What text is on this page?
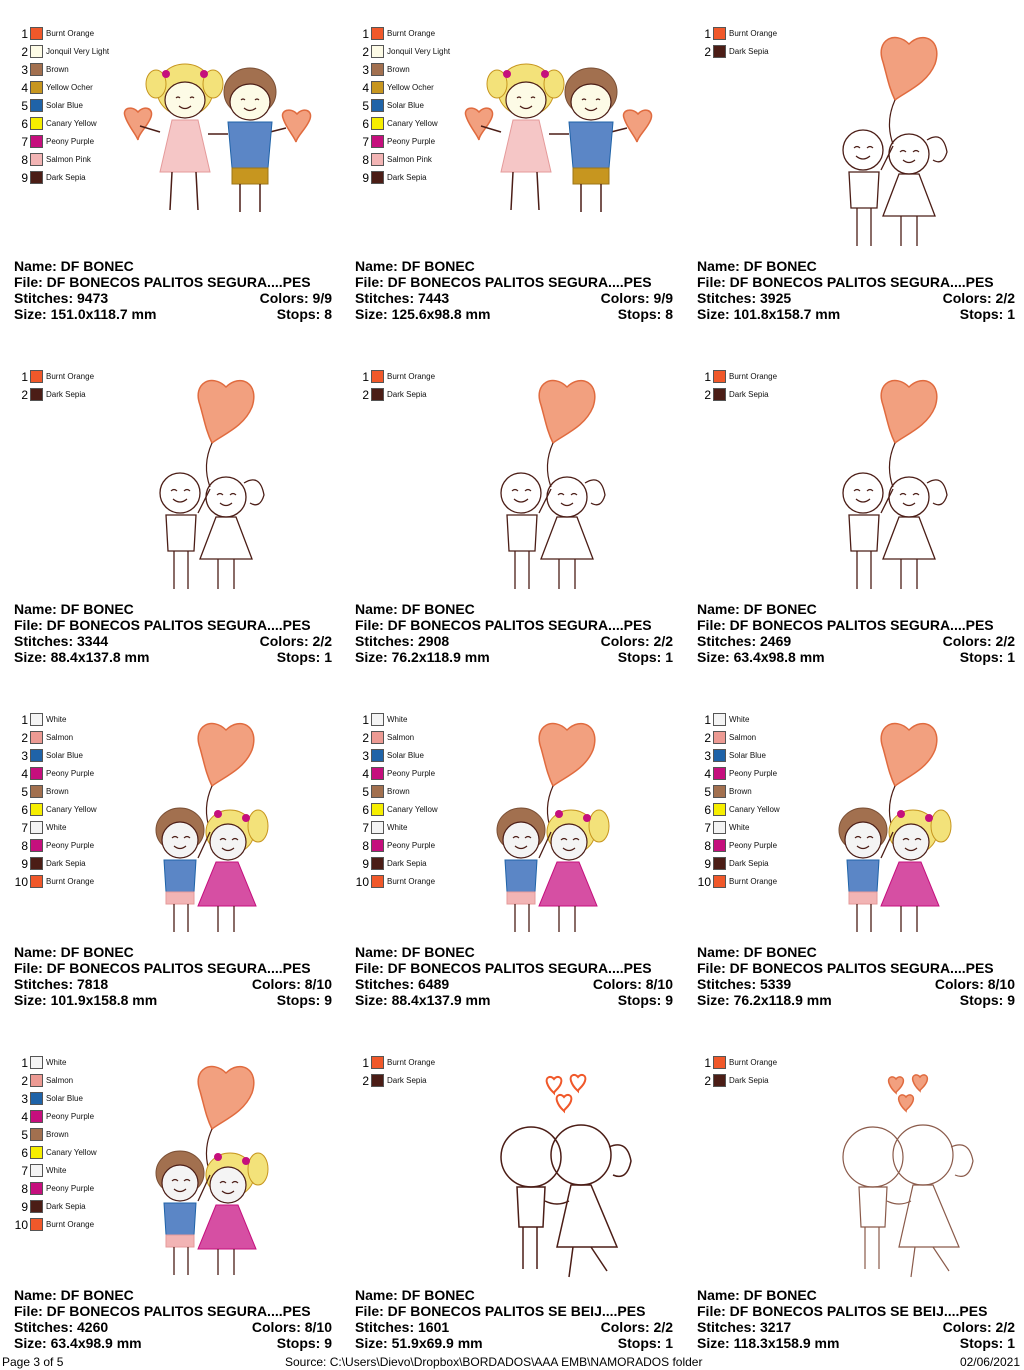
1 Burnt Orange
2 Jonquil Very Light
3 Brown
4 Yellow Ocher
5 Solar Blue
6 Canary Yellow
7 Peony Purple
8 Salmon Pink
9 Dark Sepia
Name: DF BONEC
File: DF BONECOS PALITOS SEGURA....PES
Stitches: 9473	Colors: 9/9
Size: 151.0x118.7 mm	Stops: 8
1 Burnt Orange
2 Jonquil Very Light
3 Brown
4 Yellow Ocher
5 Solar Blue
6 Canary Yellow
7 Peony Purple
8 Salmon Pink
9 Dark Sepia
Name: DF BONEC
File: DF BONECOS PALITOS SEGURA....PES
Stitches: 7443	Colors: 9/9
Size: 125.6x98.8 mm	Stops: 8
1 Burnt Orange
2 Dark Sepia
Name: DF BONEC
File: DF BONECOS PALITOS SEGURA....PES
Stitches: 3925	Colors: 2/2
Size: 101.8x158.7 mm	Stops: 1
1 Burnt Orange
2 Dark Sepia
Name: DF BONEC
File: DF BONECOS PALITOS SEGURA....PES
Stitches: 3344	Colors: 2/2
Size: 88.4x137.8 mm	Stops: 1
1 Burnt Orange
2 Dark Sepia
Name: DF BONEC
File: DF BONECOS PALITOS SEGURA....PES
Stitches: 2908	Colors: 2/2
Size: 76.2x118.9 mm	Stops: 1
1 Burnt Orange
2 Dark Sepia
Name: DF BONEC
File: DF BONECOS PALITOS SEGURA....PES
Stitches: 2469	Colors: 2/2
Size: 63.4x98.8 mm	Stops: 1
1 White
2 Salmon
3 Solar Blue
4 Peony Purple
5 Brown
6 Canary Yellow
7 White
8 Peony Purple
9 Dark Sepia
10 Burnt Orange
Name: DF BONEC
File: DF BONECOS PALITOS SEGURA....PES
Stitches: 7818	Colors: 8/10
Size: 101.9x158.8 mm	Stops: 9
1 White
2 Salmon
3 Solar Blue
4 Peony Purple
5 Brown
6 Canary Yellow
7 White
8 Peony Purple
9 Dark Sepia
10 Burnt Orange
Name: DF BONEC
File: DF BONECOS PALITOS SEGURA....PES
Stitches: 6489	Colors: 8/10
Size: 88.4x137.9 mm	Stops: 9
1 White
2 Salmon
3 Solar Blue
4 Peony Purple
5 Brown
6 Canary Yellow
7 White
8 Peony Purple
9 Dark Sepia
10 Burnt Orange
Name: DF BONEC
File: DF BONECOS PALITOS SEGURA....PES
Stitches: 5339	Colors: 8/10
Size: 76.2x118.9 mm	Stops: 9
1 White
2 Salmon
3 Solar Blue
4 Peony Purple
5 Brown
6 Canary Yellow
7 White
8 Peony Purple
9 Dark Sepia
10 Burnt Orange
Name: DF BONEC
File: DF BONECOS PALITOS SEGURA....PES
Stitches: 4260	Colors: 8/10
Size: 63.4x98.9 mm	Stops: 9
1 Burnt Orange
2 Dark Sepia
Name: DF BONEC
File: DF BONECOS PALITOS SE BEIJ....PES
Stitches: 1601	Colors: 2/2
Size: 51.9x69.9 mm	Stops: 1
1 Burnt Orange
2 Dark Sepia
Name: DF BONEC
File: DF BONECOS PALITOS SE BEIJ....PES
Stitches: 3217	Colors: 2/2
Size: 118.3x158.9 mm	Stops: 1
Page 3 of 5	Source: C:\Users\Dievo\Dropbox\BORDADOS\AAA EMB\NAMORADOS folder	02/06/2021
